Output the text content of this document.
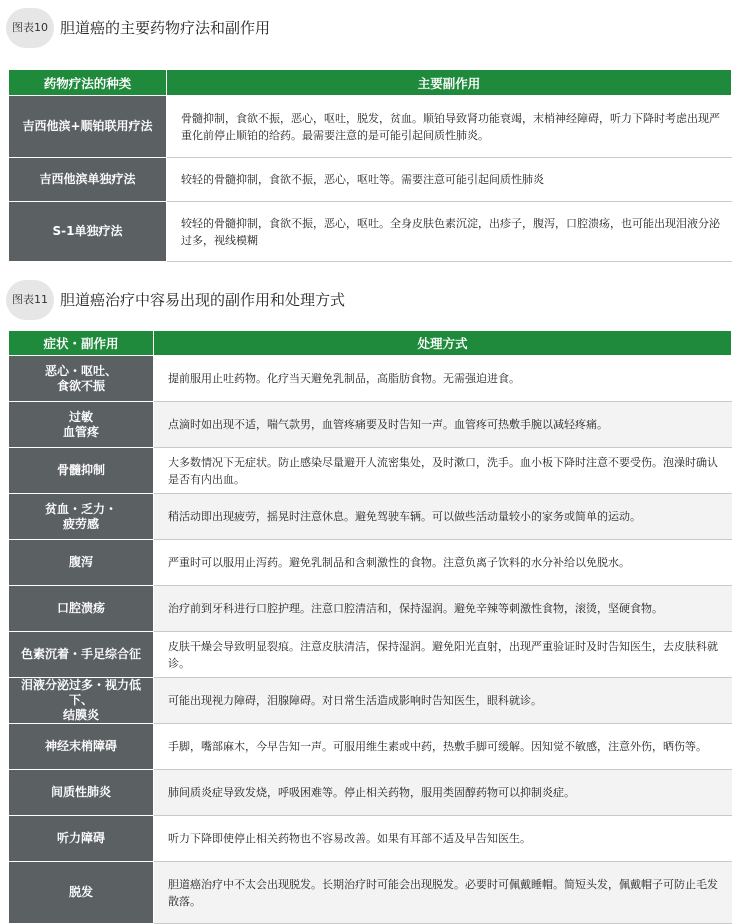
图表10 胆道癌的主要药物疗法和副作用
药物疗法的种类	主要副作用
吉西他滨+顺铂联用疗法	骨髓抑制，食欲不振，恶心，呕吐，脱发，贫血。顺铂导致肾功能衰竭，末梢神经障碍，听力下降时考虑出现严重化前停止顺铂的给药。最需要注意的是可能引起间质性肺炎。
吉西他滨单独疗法	较轻的骨髓抑制，食欲不振，恶心，呕吐等。需要注意可能引起间质性肺炎
S-1单独疗法	较轻的骨髓抑制，食欲不振，恶心，呕吐。全身皮肤色素沉淀，出疹子，腹泻，口腔溃疡，也可能出现泪液分泌过多，视线模糊
图表11 胆道癌治疗中容易出现的副作用和处理方式
症状・副作用	处理方式
恶心・呕吐、
食欲不振	提前服用止吐药物。化疗当天避免乳制品，高脂肪食物。无需强迫进食。
过敏
血管疼	点滴时如出现不适，喘气款男，血管疼痛要及时告知一声。血管疼可热敷手腕以减轻疼痛。
骨髓抑制	大多数情况下无症状。防止感染尽量避开人流密集处，及时漱口，洗手。血小板下降时注意不要受伤。泡澡时确认是否有内出血。
贫血・乏力・
疲劳感	稍活动即出现疲劳，摇晃时注意休息。避免驾驶车辆。可以做些活动量较小的家务或简单的运动。
腹泻	严重时可以服用止泻药。避免乳制品和含刺激性的食物。注意负离子饮料的水分补给以免脱水。
口腔溃疡	治疗前到牙科进行口腔护理。注意口腔清洁和，保持湿润。避免辛辣等刺激性食物，滚烫，坚硬食物。
色素沉着・手足综合征	皮肤干燥会导致明显裂痕。注意皮肤清洁，保持湿润。避免阳光直射，出现严重验证时及时告知医生，去皮肤科就诊。
泪液分泌过多・视力低下、
结膜炎	可能出现视力障碍，泪腺障碍。对日常生活造成影响时告知医生，眼科就诊。
神经末梢障碍	手脚，嘴部麻木，今早告知一声。可服用维生素或中药，热敷手脚可缓解。因知觉不敏感，注意外伤，晒伤等。
间质性肺炎	肺间质炎症导致发烧，呼吸困难等。停止相关药物，服用类固醇药物可以抑制炎症。
听力障碍	听力下降即使停止相关药物也不容易改善。如果有耳部不适及早告知医生。
脱发	胆道癌治疗中不太会出现脱发。长期治疗时可能会出现脱发。必要时可佩戴睡帽。简短头发，佩戴帽子可防止毛发散落。
